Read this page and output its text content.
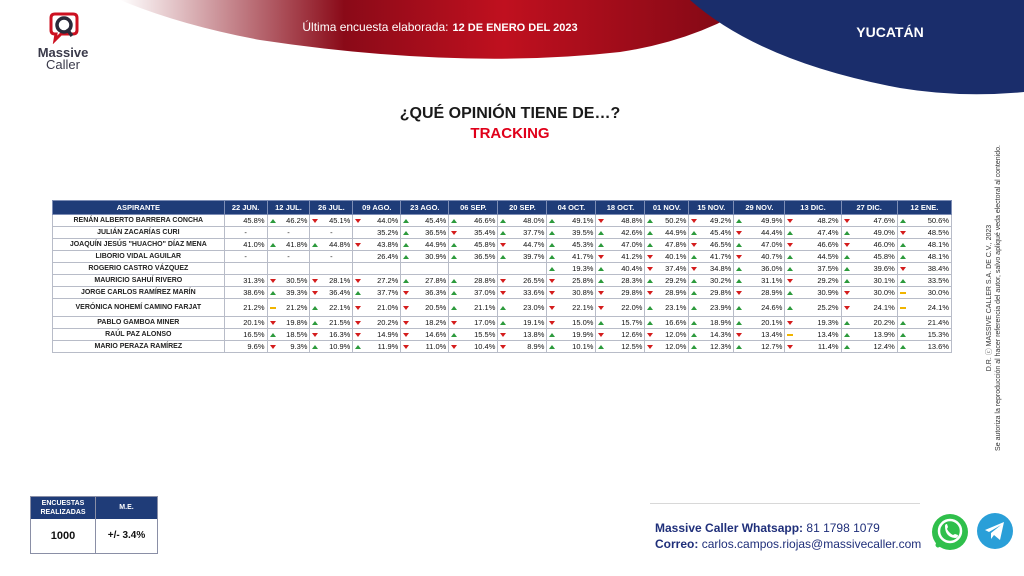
Massive
Caller
Última encuesta elaborada: 12 DE ENERO DEL 2023	YUCATÁN
¿QUÉ OPINIÓN TIENE DE…?
TRACKING
D.R. ⓒ MASSIVE CALLER S.A. DE C.V., 2023 Se autoriza la reproducción al hacer referencia del autor, salvo apliqué veda electoral al contenido.
ASPIRANTE	22 JUN.	12 JUL.	26 JUL.	09 AGO.	23 AGO.	06 SEP.	20 SEP.	04 OCT.	18 OCT.	01 NOV.	15 NOV.	29 NOV.	13 DIC.	27 DIC.	12 ENE.
RENÁN ALBERTO BARRERA CONCHA	45.8%	46.2%	45.1%	44.0%	45.4%	46.6%	48.0%	49.1%	48.8%	50.2%	49.2%	49.9%	48.2%	47.6%	50.6%
JULIÁN ZACARÍAS CURI	-	-	-	35.2%	36.5%	35.4%	37.7%	39.5%	42.6%	44.9%	45.4%	44.4%	47.4%	49.0%	48.5%
JOAQUÍN JESÚS "HUACHO" DÍAZ MENA	41.0%	41.8%	44.8%	43.8%	44.9%	45.8%	44.7%	45.3%	47.0%	47.8%	46.5%	47.0%	46.6%	46.0%	48.1%
LIBORIO VIDAL AGUILAR	-	-	-	26.4%	30.9%	36.5%	39.7%	41.7%	41.2%	40.1%	41.7%	40.7%	44.5%	45.8%	48.1%
ROGERIO CASTRO VÁZQUEZ								19.3%	40.4%	37.4%	34.8%	36.0%	37.5%	39.6%	38.4%
MAURICIO SAHUÍ RIVERO	31.3%	30.5%	28.1%	27.2%	27.8%	28.8%	26.5%	25.8%	28.3%	29.2%	30.2%	31.1%	29.2%	30.1%	33.5%
JORGE CARLOS RAMÍREZ MARÍN	38.6%	39.3%	36.4%	37.7%	36.3%	37.0%	33.6%	30.8%	29.8%	28.9%	29.8%	28.9%	30.9%	30.0%	30.0%
VERÓNICA NOHEMÍ CAMINO FARJAT	21.2%	21.2%	22.1%	21.0%	20.5%	21.1%	23.0%	22.1%	22.0%	23.1%	23.9%	24.6%	25.2%	24.1%	24.1%
PABLO GAMBOA MINER	20.1%	19.8%	21.5%	20.2%	18.2%	17.0%	19.1%	15.0%	15.7%	16.6%	18.9%	20.1%	19.3%	20.2%	21.4%
RAÚL PAZ ALONSO	16.5%	18.5%	16.3%	14.9%	14.6%	15.5%	13.8%	19.9%	12.6%	12.0%	14.3%	13.4%	13.4%	13.9%	15.3%
MARIO PERAZA RAMÍREZ	9.6%	9.3%	10.9%	11.9%	11.0%	10.4%	8.9%	10.1%	12.5%	12.0%	12.3%	12.7%	11.4%	12.4%	13.6%
ENCUESTAS REALIZADAS
M.E.
1000	+/- 3.4%
Massive Caller Whatsapp: 81 1798 1079
Correo: carlos.campos.riojas@massivecaller.com
